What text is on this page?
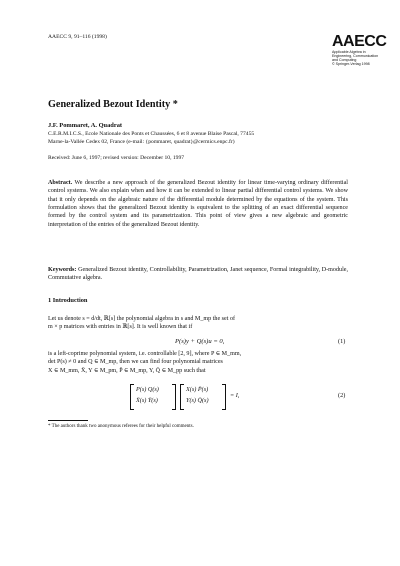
AAECC 9, 91–116 (1998)	AAECC
Applicable Algebra in
Engineering, Communication
and Computing
© Springer-Verlag 1998
Generalized Bezout Identity *
J.F. Pommaret, A. Quadrat
C.E.R.M.I.C.S., Ecole Nationale des Ponts et Chaussées, 6 et 8 avenue Blaise Pascal, 77455
Marne-la-Vallée Cedex 02, France (e-mail: {pommaret, quadrat}@cermics.enpc.fr)
Received: June 6, 1997; revised version: December 10, 1997
Abstract. We describe a new approach of the generalized Bezout identity for linear time-varying ordinary differential control systems. We also explain when and how it can be extended to linear partial differential control systems. We show that it only depends on the algebraic nature of the differential module determined by the equations of the system. This formulation shows that the generalized Bezout identity is equivalent to the splitting of an exact differential sequence formed by the control system and its parametrization. This point of view gives a new algebraic and geometric interpretation of the entries of the generalized Bezout identity.
Keywords: Generalized Bezout identity, Controllability, Parametrization, Janet sequence, Formal integrability, D-module, Commutative algebra.
1 Introduction
Let us denote s = d/dt, ℝ[s] the polynomial algebra in s and M_mp the set of
m × p matrices with entries in ℝ[s]. It is well known that if
P(s)y + Q(s)u = 0,	(1)
is a left-coprime polynomial system, i.e. controllable [2, 9], where P ∈ M_mm,
det P(s) ≠ 0 and Q ∈ M_mp, then we can find four polynomial matrices
X ∈ M_mm, X̄, Y ∈ M_pm, P̄ ∈ M_mp, Y, Q̄ ∈ M_pp such that
P(s) Q(s)
X̄(s) Ȳ(s)
X(s) P̄(s)
Y(s) Q̄(s)
= I,	(2)
* The authors thank two anonymous referees for their helpful comments.
